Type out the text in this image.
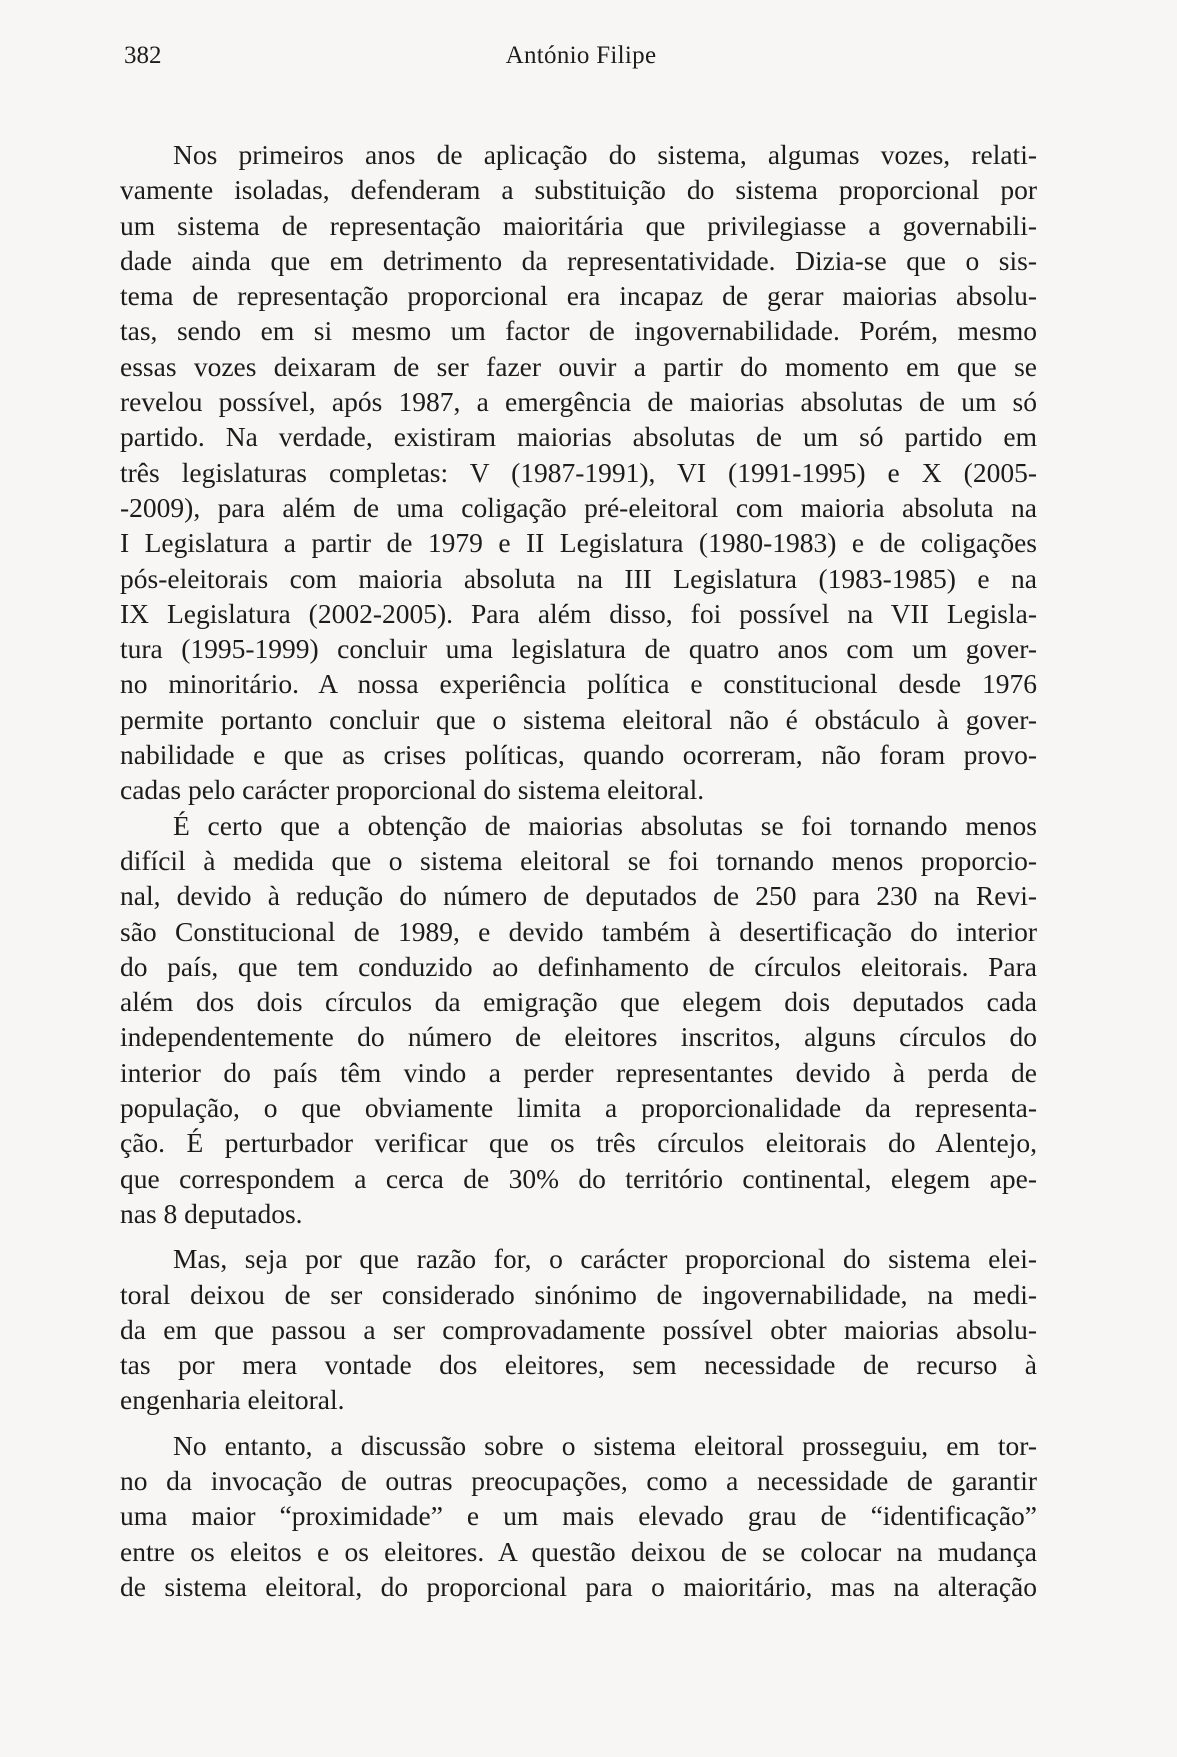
382	António Filipe
Nos primeiros anos de aplicação do sistema, algumas vozes, relati-
vamente isoladas, defenderam a substituição do sistema proporcional por
um sistema de representação maioritária que privilegiasse a governabili-
dade ainda que em detrimento da representatividade. Dizia-se que o sis-
tema de representação proporcional era incapaz de gerar maiorias absolu-
tas, sendo em si mesmo um factor de ingovernabilidade. Porém, mesmo
essas vozes deixaram de ser fazer ouvir a partir do momento em que se
revelou possível, após 1987, a emergência de maiorias absolutas de um só
partido. Na verdade, existiram maiorias absolutas de um só partido em
três legislaturas completas: V (1987-1991), VI (1991-1995) e X (2005-
-2009), para além de uma coligação pré-eleitoral com maioria absoluta na
I Legislatura a partir de 1979 e II Legislatura (1980-1983) e de coligações
pós-eleitorais com maioria absoluta na III Legislatura (1983-1985) e na
IX Legislatura (2002-2005). Para além disso, foi possível na VII Legisla-
tura (1995-1999) concluir uma legislatura de quatro anos com um gover-
no minoritário. A nossa experiência política e constitucional desde 1976
permite portanto concluir que o sistema eleitoral não é obstáculo à gover-
nabilidade e que as crises políticas, quando ocorreram, não foram provo-
cadas pelo carácter proporcional do sistema eleitoral.
É certo que a obtenção de maiorias absolutas se foi tornando menos
difícil à medida que o sistema eleitoral se foi tornando menos proporcio-
nal, devido à redução do número de deputados de 250 para 230 na Revi-
são Constitucional de 1989, e devido também à desertificação do interior
do país, que tem conduzido ao definhamento de círculos eleitorais. Para
além dos dois círculos da emigração que elegem dois deputados cada
independentemente do número de eleitores inscritos, alguns círculos do
interior do país têm vindo a perder representantes devido à perda de
população, o que obviamente limita a proporcionalidade da representa-
ção. É perturbador verificar que os três círculos eleitorais do Alentejo,
que correspondem a cerca de 30% do território continental, elegem ape-
nas 8 deputados.
Mas, seja por que razão for, o carácter proporcional do sistema elei-
toral deixou de ser considerado sinónimo de ingovernabilidade, na medi-
da em que passou a ser comprovadamente possível obter maiorias absolu-
tas por mera vontade dos eleitores, sem necessidade de recurso à
engenharia eleitoral.
No entanto, a discussão sobre o sistema eleitoral prosseguiu, em tor-
no da invocação de outras preocupações, como a necessidade de garantir
uma maior “proximidade” e um mais elevado grau de “identificação”
entre os eleitos e os eleitores. A questão deixou de se colocar na mudança
de sistema eleitoral, do proporcional para o maioritário, mas na alteração
